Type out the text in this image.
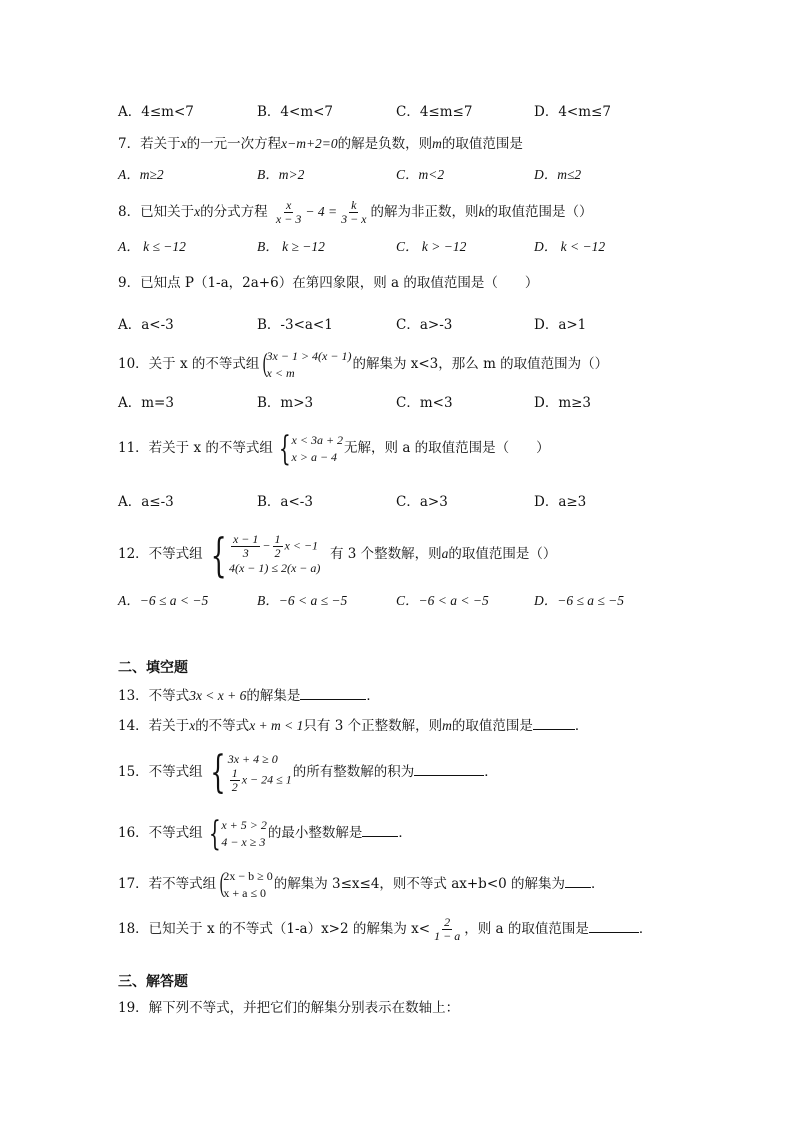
A．4≤m<7	B．4<m<7	C．4≤m≤7	D．4<m≤7
7．若关于x的一元一次方程x−m+2=0的解是负数，则m的取值范围是
A．m≥2	B．m>2	C．m<2	D．m≤2
8．已知关于x的分式方程 $\frac{x}{x - 3} - 4 = \frac{k}{3 - x}$ 的解为非正数，则k的取值范围是（）
A． k ≤ −12	B． k ≥ −12	C． k > −12	D． k < −12
9．已知点 P（1-a，2a+6）在第四象限，则 a 的取值范围是（　　）
A．a<-3	B．-3<a<1	C．a>-3	D．a>1
10．关于 x 的不等式组 (
3x − 1 > 4(x − 1)
x < m
的解集为 x<3，那么 m 的取值范围为（）
A．m=3	B．m>3	C．m<3	D．m≥3
11．若关于 x 的不等式组 { x < 3a + 2
x > a − 4
无解，则 a 的取值范围是（　　）
A．a≤-3	B．a<-3	C．a>3	D．a≥3
12．不等式组 { $\frac{x - 1}{3} - \frac{1}{2}$ x < −1
4(x − 1) ≤ 2(x − a)
有 3 个整数解，则a的取值范围是（）
A．−6 ≤ a < −5	B．−6 < a ≤ −5	C．−6 < a < −5	D．−6 ≤ a ≤ −5
二、填空题
13．不等式3x < x + 6的解集是	．
14．若关于x的不等式x + m < 1只有 3 个正整数解，则m的取值范围是	．
15．不等式组 { 3x + 4 ≥ 0
$\frac{1}{2}$ x − 24 ≤ 1 的所有整数解的积为	．
16．不等式组 { x + 5 > 2
4 − x ≥ 3
的最小整数解是	．
17．若不等式组 (
2x − b ≥ 0
x + a ≤ 0
的解集为 3≤x≤4，则不等式 ax+b<0 的解集为 ．
18．已知关于 x 的不等式（1-a）x>2 的解集为 $x< \frac{2}{1 - a}$ ，则 a 的取值范围是	．
三、解答题
19．解下列不等式，并把它们的解集分别表示在数轴上：
